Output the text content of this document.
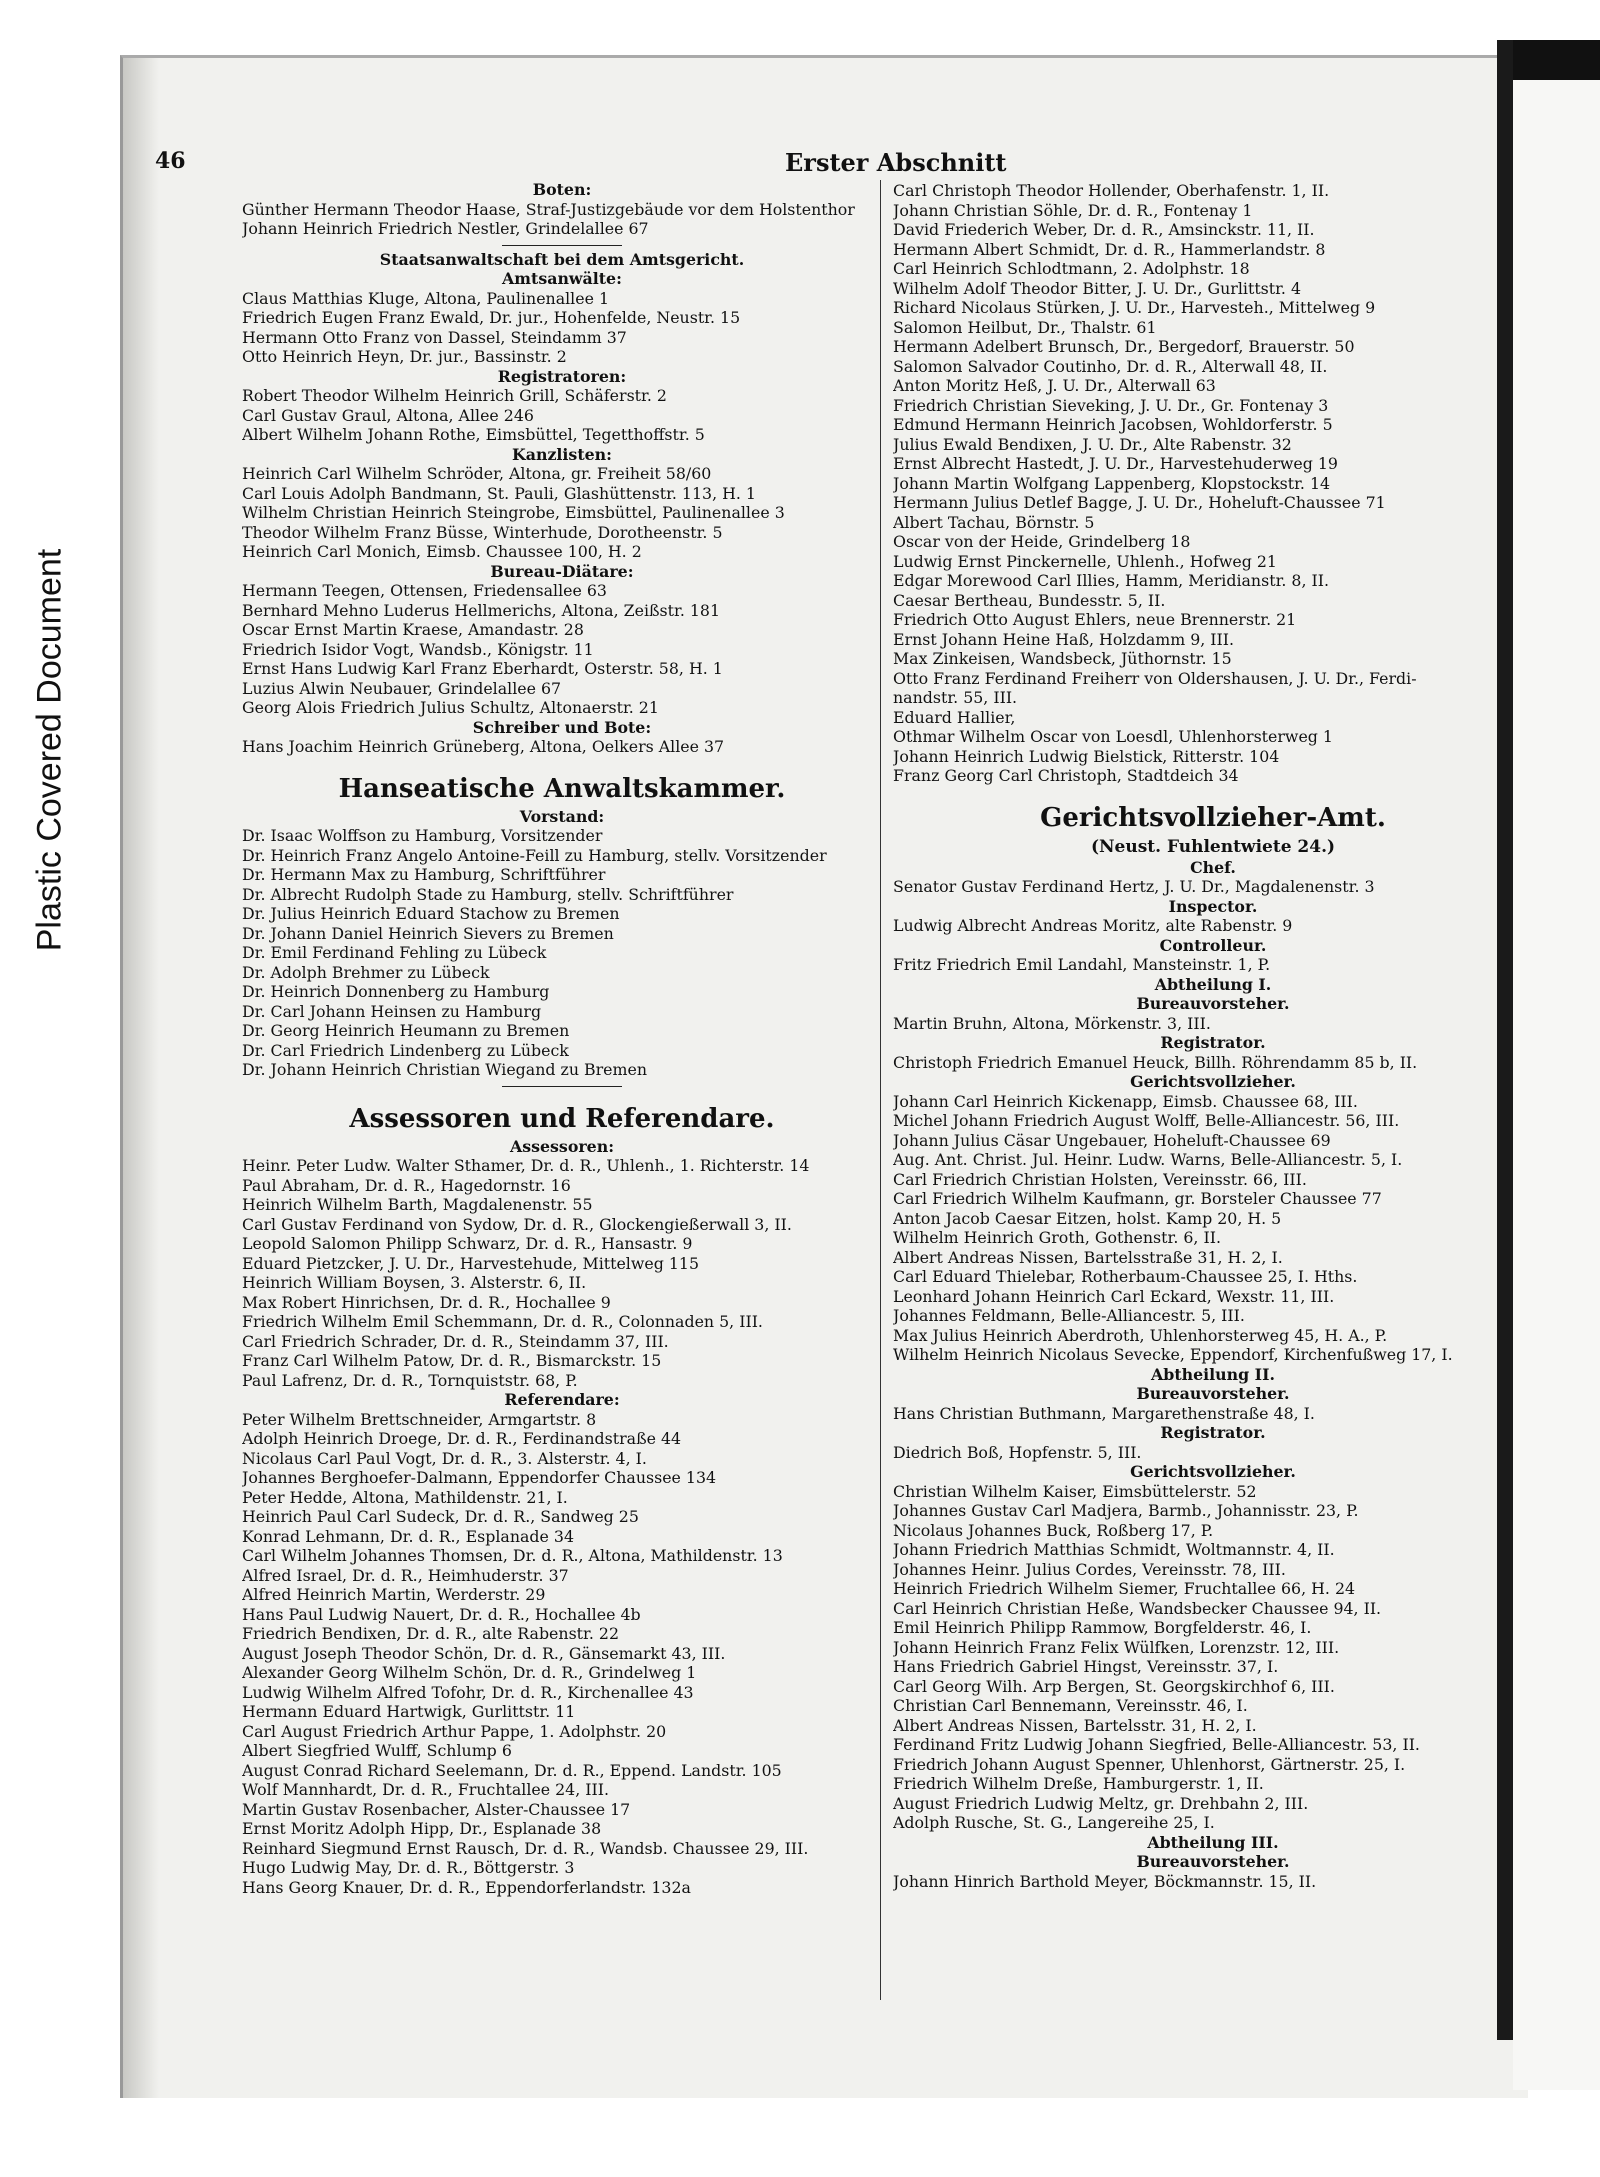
Plastic Covered Document
46	Erster Abschnitt
Boten:
Günther Hermann Theodor Haase, Straf-Justizgebäude vor dem Holstenthor
Johann Heinrich Friedrich Nestler, Grindelallee 67
Staatsanwaltschaft bei dem Amtsgericht.
Amtsanwälte:
Claus Matthias Kluge, Altona, Paulinenallee 1
Friedrich Eugen Franz Ewald, Dr. jur., Hohenfelde, Neustr. 15
Hermann Otto Franz von Dassel, Steindamm 37
Otto Heinrich Heyn, Dr. jur., Bassinstr. 2
Registratoren:
Robert Theodor Wilhelm Heinrich Grill, Schäferstr. 2
Carl Gustav Graul, Altona, Allee 246
Albert Wilhelm Johann Rothe, Eimsbüttel, Tegetthoffstr. 5
Kanzlisten:
Heinrich Carl Wilhelm Schröder, Altona, gr. Freiheit 58/60
Carl Louis Adolph Bandmann, St. Pauli, Glashüttenstr. 113, H. 1
Wilhelm Christian Heinrich Steingrobe, Eimsbüttel, Paulinenallee 3
Theodor Wilhelm Franz Büsse, Winterhude, Dorotheenstr. 5
Heinrich Carl Monich, Eimsb. Chaussee 100, H. 2
Bureau-Diätare:
Hermann Teegen, Ottensen, Friedensallee 63
Bernhard Mehno Luderus Hellmerichs, Altona, Zeißstr. 181
Oscar Ernst Martin Kraese, Amandastr. 28
Friedrich Isidor Vogt, Wandsb., Königstr. 11
Ernst Hans Ludwig Karl Franz Eberhardt, Osterstr. 58, H. 1
Luzius Alwin Neubauer, Grindelallee 67
Georg Alois Friedrich Julius Schultz, Altonaerstr. 21
Schreiber und Bote:
Hans Joachim Heinrich Grüneberg, Altona, Oelkers Allee 37
Hanseatische Anwaltskammer.
Vorstand:
Dr. Isaac Wolffson zu Hamburg, Vorsitzender
Dr. Heinrich Franz Angelo Antoine-Feill zu Hamburg, stellv. Vorsitzender
Dr. Hermann Max zu Hamburg, Schriftführer
Dr. Albrecht Rudolph Stade zu Hamburg, stellv. Schriftführer
Dr. Julius Heinrich Eduard Stachow zu Bremen
Dr. Johann Daniel Heinrich Sievers zu Bremen
Dr. Emil Ferdinand Fehling zu Lübeck
Dr. Adolph Brehmer zu Lübeck
Dr. Heinrich Donnenberg zu Hamburg
Dr. Carl Johann Heinsen zu Hamburg
Dr. Georg Heinrich Heumann zu Bremen
Dr. Carl Friedrich Lindenberg zu Lübeck
Dr. Johann Heinrich Christian Wiegand zu Bremen
Assessoren und Referendare.
Assessoren:
Heinr. Peter Ludw. Walter Sthamer, Dr. d. R., Uhlenh., 1. Richterstr. 14
Paul Abraham, Dr. d. R., Hagedornstr. 16
Heinrich Wilhelm Barth, Magdalenenstr. 55
Carl Gustav Ferdinand von Sydow, Dr. d. R., Glockengießerwall 3, II.
Leopold Salomon Philipp Schwarz, Dr. d. R., Hansastr. 9
Eduard Pietzcker, J. U. Dr., Harvestehude, Mittelweg 115
Heinrich William Boysen, 3. Alsterstr. 6, II.
Max Robert Hinrichsen, Dr. d. R., Hochallee 9
Friedrich Wilhelm Emil Schemmann, Dr. d. R., Colonnaden 5, III.
Carl Friedrich Schrader, Dr. d. R., Steindamm 37, III.
Franz Carl Wilhelm Patow, Dr. d. R., Bismarckstr. 15
Paul Lafrenz, Dr. d. R., Tornquiststr. 68, P.
Referendare:
Peter Wilhelm Brettschneider, Armgartstr. 8
Adolph Heinrich Droege, Dr. d. R., Ferdinandstraße 44
Nicolaus Carl Paul Vogt, Dr. d. R., 3. Alsterstr. 4, I.
Johannes Berghoefer-Dalmann, Eppendorfer Chaussee 134
Peter Hedde, Altona, Mathildenstr. 21, I.
Heinrich Paul Carl Sudeck, Dr. d. R., Sandweg 25
Konrad Lehmann, Dr. d. R., Esplanade 34
Carl Wilhelm Johannes Thomsen, Dr. d. R., Altona, Mathildenstr. 13
Alfred Israel, Dr. d. R., Heimhuderstr. 37
Alfred Heinrich Martin, Werderstr. 29
Hans Paul Ludwig Nauert, Dr. d. R., Hochallee 4b
Friedrich Bendixen, Dr. d. R., alte Rabenstr. 22
August Joseph Theodor Schön, Dr. d. R., Gänsemarkt 43, III.
Alexander Georg Wilhelm Schön, Dr. d. R., Grindelweg 1
Ludwig Wilhelm Alfred Tofohr, Dr. d. R., Kirchenallee 43
Hermann Eduard Hartwigk, Gurlittstr. 11
Carl August Friedrich Arthur Pappe, 1. Adolphstr. 20
Albert Siegfried Wulff, Schlump 6
August Conrad Richard Seelemann, Dr. d. R., Eppend. Landstr. 105
Wolf Mannhardt, Dr. d. R., Fruchtallee 24, III.
Martin Gustav Rosenbacher, Alster-Chaussee 17
Ernst Moritz Adolph Hipp, Dr., Esplanade 38
Reinhard Siegmund Ernst Rausch, Dr. d. R., Wandsb. Chaussee 29, III.
Hugo Ludwig May, Dr. d. R., Böttgerstr. 3
Hans Georg Knauer, Dr. d. R., Eppendorferlandstr. 132a
Carl Christoph Theodor Hollender, Oberhafenstr. 1, II.
Johann Christian Söhle, Dr. d. R., Fontenay 1
David Friederich Weber, Dr. d. R., Amsinckstr. 11, II.
Hermann Albert Schmidt, Dr. d. R., Hammerlandstr. 8
Carl Heinrich Schlodtmann, 2. Adolphstr. 18
Wilhelm Adolf Theodor Bitter, J. U. Dr., Gurlittstr. 4
Richard Nicolaus Stürken, J. U. Dr., Harvesteh., Mittelweg 9
Salomon Heilbut, Dr., Thalstr. 61
Hermann Adelbert Brunsch, Dr., Bergedorf, Brauerstr. 50
Salomon Salvador Coutinho, Dr. d. R., Alterwall 48, II.
Anton Moritz Heß, J. U. Dr., Alterwall 63
Friedrich Christian Sieveking, J. U. Dr., Gr. Fontenay 3
Edmund Hermann Heinrich Jacobsen, Wohldorferstr. 5
Julius Ewald Bendixen, J. U. Dr., Alte Rabenstr. 32
Ernst Albrecht Hastedt, J. U. Dr., Harvestehuderweg 19
Johann Martin Wolfgang Lappenberg, Klopstockstr. 14
Hermann Julius Detlef Bagge, J. U. Dr., Hoheluft-Chaussee 71
Albert Tachau, Börnstr. 5
Oscar von der Heide, Grindelberg 18
Ludwig Ernst Pinckernelle, Uhlenh., Hofweg 21
Edgar Morewood Carl Illies, Hamm, Meridianstr. 8, II.
Caesar Bertheau, Bundesstr. 5, II.
Friedrich Otto August Ehlers, neue Brennerstr. 21
Ernst Johann Heine Haß, Holzdamm 9, III.
Max Zinkeisen, Wandsbeck, Jüthornstr. 15
Otto Franz Ferdinand Freiherr von Oldershausen, J. U. Dr., Ferdi-
nandstr. 55, III.
Eduard Hallier,
Othmar Wilhelm Oscar von Loesdl, Uhlenhorsterweg 1
Johann Heinrich Ludwig Bielstick, Ritterstr. 104
Franz Georg Carl Christoph, Stadtdeich 34
Gerichtsvollzieher-Amt.
(Neust. Fuhlentwiete 24.)
Chef.
Senator Gustav Ferdinand Hertz, J. U. Dr., Magdalenenstr. 3
Inspector.
Ludwig Albrecht Andreas Moritz, alte Rabenstr. 9
Controlleur.
Fritz Friedrich Emil Landahl, Mansteinstr. 1, P.
Abtheilung I.
Bureauvorsteher.
Martin Bruhn, Altona, Mörkenstr. 3, III.
Registrator.
Christoph Friedrich Emanuel Heuck, Billh. Röhrendamm 85 b, II.
Gerichtsvollzieher.
Johann Carl Heinrich Kickenapp, Eimsb. Chaussee 68, III.
Michel Johann Friedrich August Wolff, Belle-Alliancestr. 56, III.
Johann Julius Cäsar Ungebauer, Hoheluft-Chaussee 69
Aug. Ant. Christ. Jul. Heinr. Ludw. Warns, Belle-Alliancestr. 5, I.
Carl Friedrich Christian Holsten, Vereinsstr. 66, III.
Carl Friedrich Wilhelm Kaufmann, gr. Borsteler Chaussee 77
Anton Jacob Caesar Eitzen, holst. Kamp 20, H. 5
Wilhelm Heinrich Groth, Gothenstr. 6, II.
Albert Andreas Nissen, Bartelsstraße 31, H. 2, I.
Carl Eduard Thielebar, Rotherbaum-Chaussee 25, I. Hths.
Leonhard Johann Heinrich Carl Eckard, Wexstr. 11, III.
Johannes Feldmann, Belle-Alliancestr. 5, III.
Max Julius Heinrich Aberdroth, Uhlenhorsterweg 45, H. A., P.
Wilhelm Heinrich Nicolaus Sevecke, Eppendorf, Kirchenfußweg 17, I.
Abtheilung II.
Bureauvorsteher.
Hans Christian Buthmann, Margarethenstraße 48, I.
Registrator.
Diedrich Boß, Hopfenstr. 5, III.
Gerichtsvollzieher.
Christian Wilhelm Kaiser, Eimsbüttelerstr. 52
Johannes Gustav Carl Madjera, Barmb., Johannisstr. 23, P.
Nicolaus Johannes Buck, Roßberg 17, P.
Johann Friedrich Matthias Schmidt, Woltmannstr. 4, II.
Johannes Heinr. Julius Cordes, Vereinsstr. 78, III.
Heinrich Friedrich Wilhelm Siemer, Fruchtallee 66, H. 24
Carl Heinrich Christian Heße, Wandsbecker Chaussee 94, II.
Emil Heinrich Philipp Rammow, Borgfelderstr. 46, I.
Johann Heinrich Franz Felix Wülfken, Lorenzstr. 12, III.
Hans Friedrich Gabriel Hingst, Vereinsstr. 37, I.
Carl Georg Wilh. Arp Bergen, St. Georgskirchhof 6, III.
Christian Carl Bennemann, Vereinsstr. 46, I.
Albert Andreas Nissen, Bartelsstr. 31, H. 2, I.
Ferdinand Fritz Ludwig Johann Siegfried, Belle-Alliancestr. 53, II.
Friedrich Johann August Spenner, Uhlenhorst, Gärtnerstr. 25, I.
Friedrich Wilhelm Dreße, Hamburgerstr. 1, II.
August Friedrich Ludwig Meltz, gr. Drehbahn 2, III.
Adolph Rusche, St. G., Langereihe 25, I.
Abtheilung III.
Bureauvorsteher.
Johann Hinrich Barthold Meyer, Böckmannstr. 15, II.
